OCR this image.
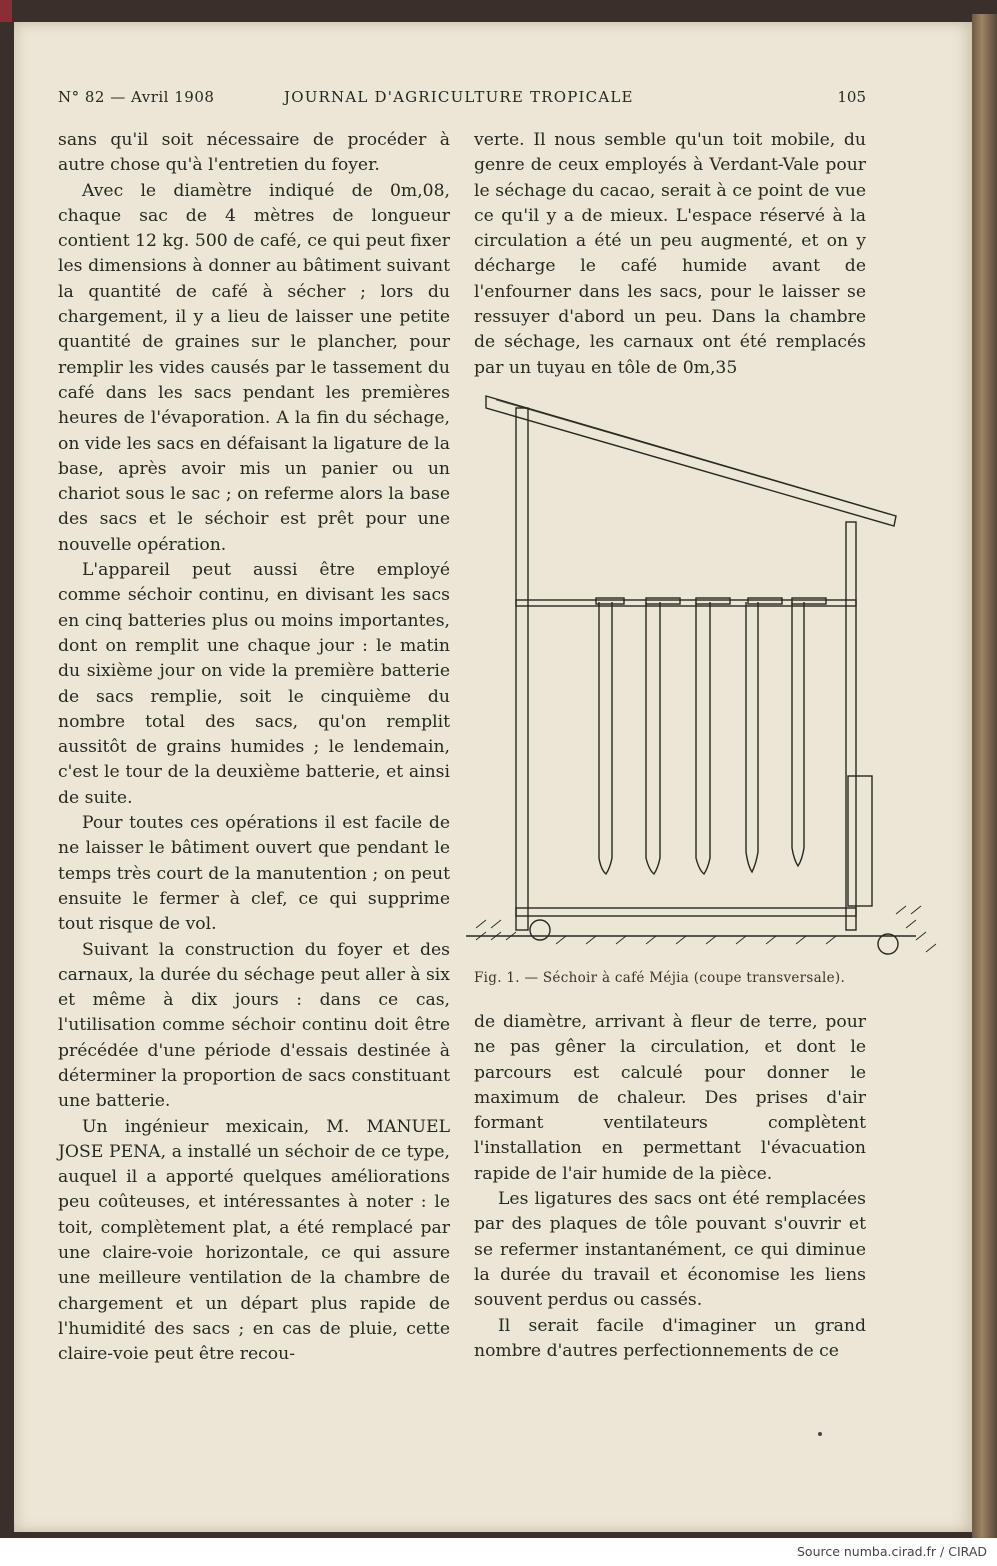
N° 82 — Avril 1908	JOURNAL D'AGRICULTURE TROPICALE	105

sans qu'il soit nécessaire de procéder à autre chose qu'à l'entretien du foyer.

Avec le diamètre indiqué de 0m,08, chaque sac de 4 mètres de longueur contient 12 kg. 500 de café, ce qui peut fixer les dimensions à donner au bâtiment suivant la quantité de café à sécher ; lors du chargement, il y a lieu de laisser une petite quantité de graines sur le plancher, pour remplir les vides causés par le tassement du café dans les sacs pendant les premières heures de l'évaporation. A la fin du séchage, on vide les sacs en défaisant la ligature de la base, après avoir mis un panier ou un chariot sous le sac ; on referme alors la base des sacs et le séchoir est prêt pour une nouvelle opération.

L'appareil peut aussi être employé comme séchoir continu, en divisant les sacs en cinq batteries plus ou moins importantes, dont on remplit une chaque jour : le matin du sixième jour on vide la première batterie de sacs remplie, soit le cinquième du nombre total des sacs, qu'on remplit aussitôt de grains humides ; le lendemain, c'est le tour de la deuxième batterie, et ainsi de suite.

Pour toutes ces opérations il est facile de ne laisser le bâtiment ouvert que pendant le temps très court de la manutention ; on peut ensuite le fermer à clef, ce qui supprime tout risque de vol.

Suivant la construction du foyer et des carnaux, la durée du séchage peut aller à six et même à dix jours : dans ce cas, l'utilisation comme séchoir continu doit être précédée d'une période d'essais destinée à déterminer la proportion de sacs constituant une batterie.

Un ingénieur mexicain, M. MANUEL JOSE PENA, a installé un séchoir de ce type, auquel il a apporté quelques améliorations peu coûteuses, et intéressantes à noter : le toit, complètement plat, a été remplacé par une claire-voie horizontale, ce qui assure une meilleure ventilation de la chambre de chargement et un départ plus rapide de l'humidité des sacs ; en cas de pluie, cette claire-voie peut être recou-

verte. Il nous semble qu'un toit mobile, du genre de ceux employés à Verdant-Vale pour le séchage du cacao, serait à ce point de vue ce qu'il y a de mieux. L'espace réservé à la circulation a été un peu augmenté, et on y décharge le café humide avant de l'enfourner dans les sacs, pour le laisser se ressuyer d'abord un peu. Dans la chambre de séchage, les carnaux ont été remplacés par un tuyau en tôle de 0m,35

Fig. 1. — Séchoir à café Méjia (coupe transversale).

de diamètre, arrivant à fleur de terre, pour ne pas gêner la circulation, et dont le parcours est calculé pour donner le maximum de chaleur. Des prises d'air formant ventilateurs complètent l'installation en permettant l'évacuation rapide de l'air humide de la pièce.

Les ligatures des sacs ont été remplacées par des plaques de tôle pouvant s'ouvrir et se refermer instantanément, ce qui diminue la durée du travail et économise les liens souvent perdus ou cassés.

Il serait facile d'imaginer un grand nombre d'autres perfectionnements de ce

Source numba.cirad.fr / CIRAD
